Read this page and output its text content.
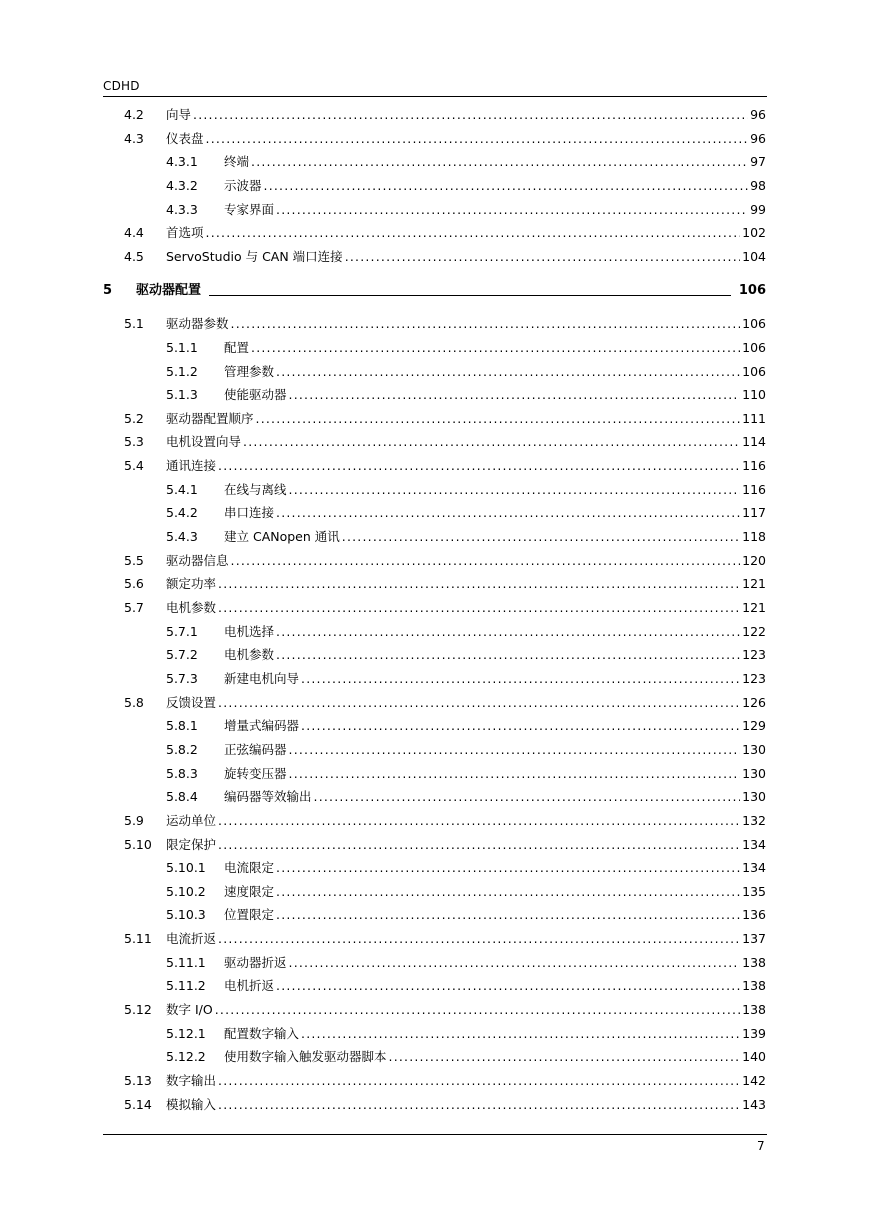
CDHD
4.2 向导 .....	96
4.3 仪表盘 .....	96
4.3.1 终端 .....	97
4.3.2 示波器 .....	98
4.3.3 专家界面 .....	99
4.4 首选项 .....	102
4.5 ServoStudio 与 CAN 端口连接 .....	104
5 驱动器配置	106
5.1 驱动器参数 .....	106
5.1.1 配置 .....	106
5.1.2 管理参数 .....	106
5.1.3 使能驱动器 .....	110
5.2 驱动器配置顺序 .....	111
5.3 电机设置向导 .....	114
5.4 通讯连接 .....	116
5.4.1 在线与离线 .....	116
5.4.2 串口连接 .....	117
5.4.3 建立 CANopen 通讯 .....	118
5.5 驱动器信息 .....	120
5.6 额定功率 .....	121
5.7 电机参数 .....	121
5.7.1 电机选择 .....	122
5.7.2 电机参数 .....	123
5.7.3 新建电机向导 .....	123
5.8 反馈设置 .....	126
5.8.1 增量式编码器 .....	129
5.8.2 正弦编码器 .....	130
5.8.3 旋转变压器 .....	130
5.8.4 编码器等效输出 .....	130
5.9 运动单位 .....	132
5.10 限定保护 .....	134
5.10.1 电流限定 .....	134
5.10.2 速度限定 .....	135
5.10.3 位置限定 .....	136
5.11 电流折返 .....	137
5.11.1 驱动器折返 .....	138
5.11.2 电机折返 .....	138
5.12 数字 I/O .....	138
5.12.1 配置数字输入 .....	139
5.12.2 使用数字输入触发驱动器脚本 .....	140
5.13 数字输出 .....	142
5.14 模拟输入 .....	143
7
